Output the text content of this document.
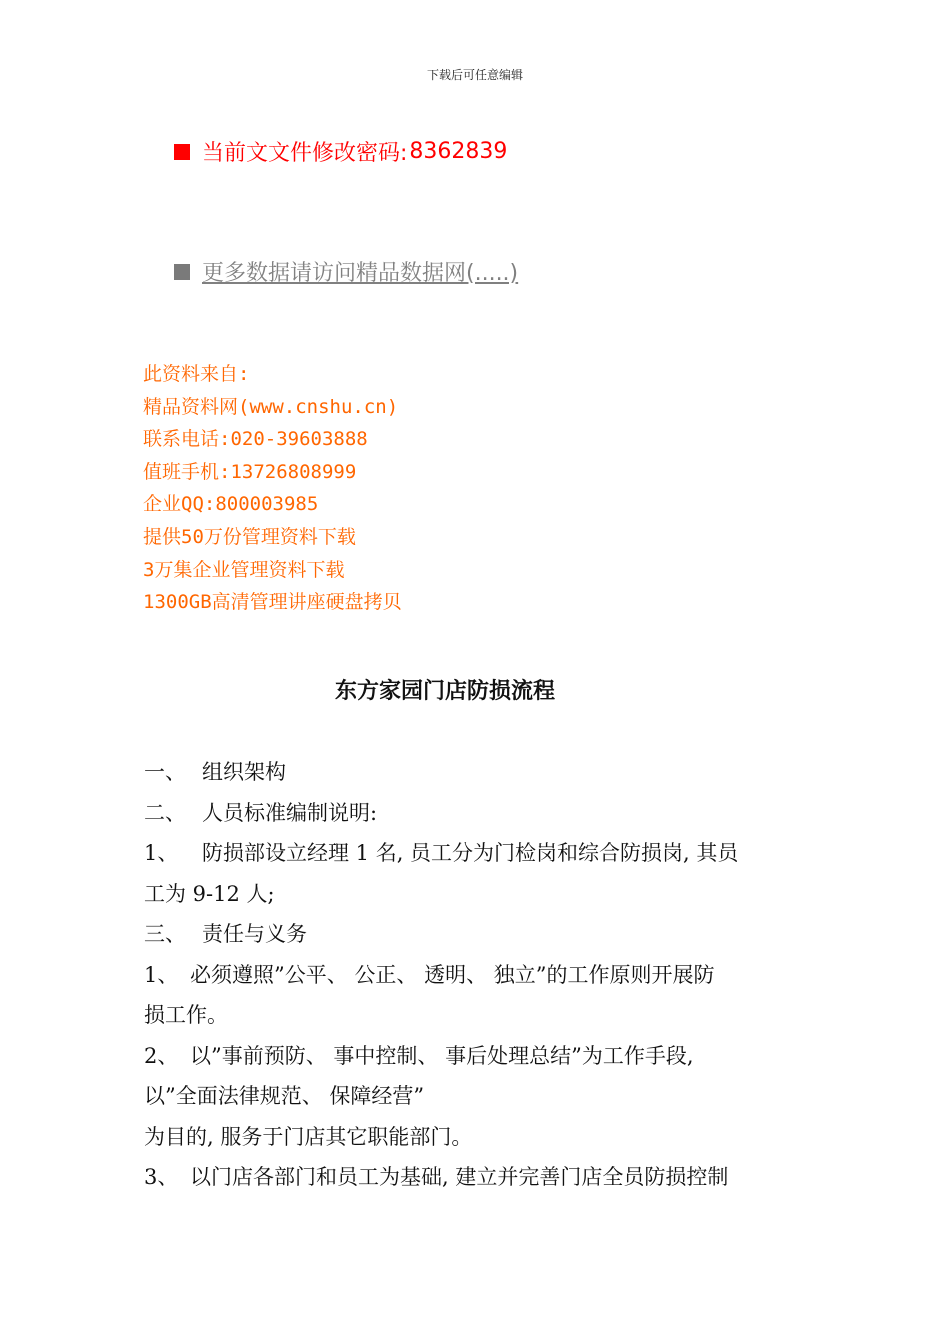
下载后可任意编辑
当前文文件修改密码: 8362839
更多数据请访问精品数据网(.....)
此资料来自:
精品资料网(www.cnshu.cn)
联系电话:020-39603888
值班手机:13726808999
企业QQ:800003985
提供50万份管理资料下载
3万集企业管理资料下载
1300GB高清管理讲座硬盘拷贝
东方家园门店防损流程
一、 组织架构
二、 人员标准编制说明:
1、 防损部设立经理 1 名, 员工分为门检岗和综合防损岗, 其员
工为 9-12 人;
三、 责任与义务
1、 必须遵照”公平、 公正、 透明、 独立”的工作原则开展防
损工作。
2、 以”事前预防、 事中控制、 事后处理总结”为工作手段,
以”全面法律规范、 保障经营”
为目的, 服务于门店其它职能部门。
3、 以门店各部门和员工为基础, 建立并完善门店全员防损控制
